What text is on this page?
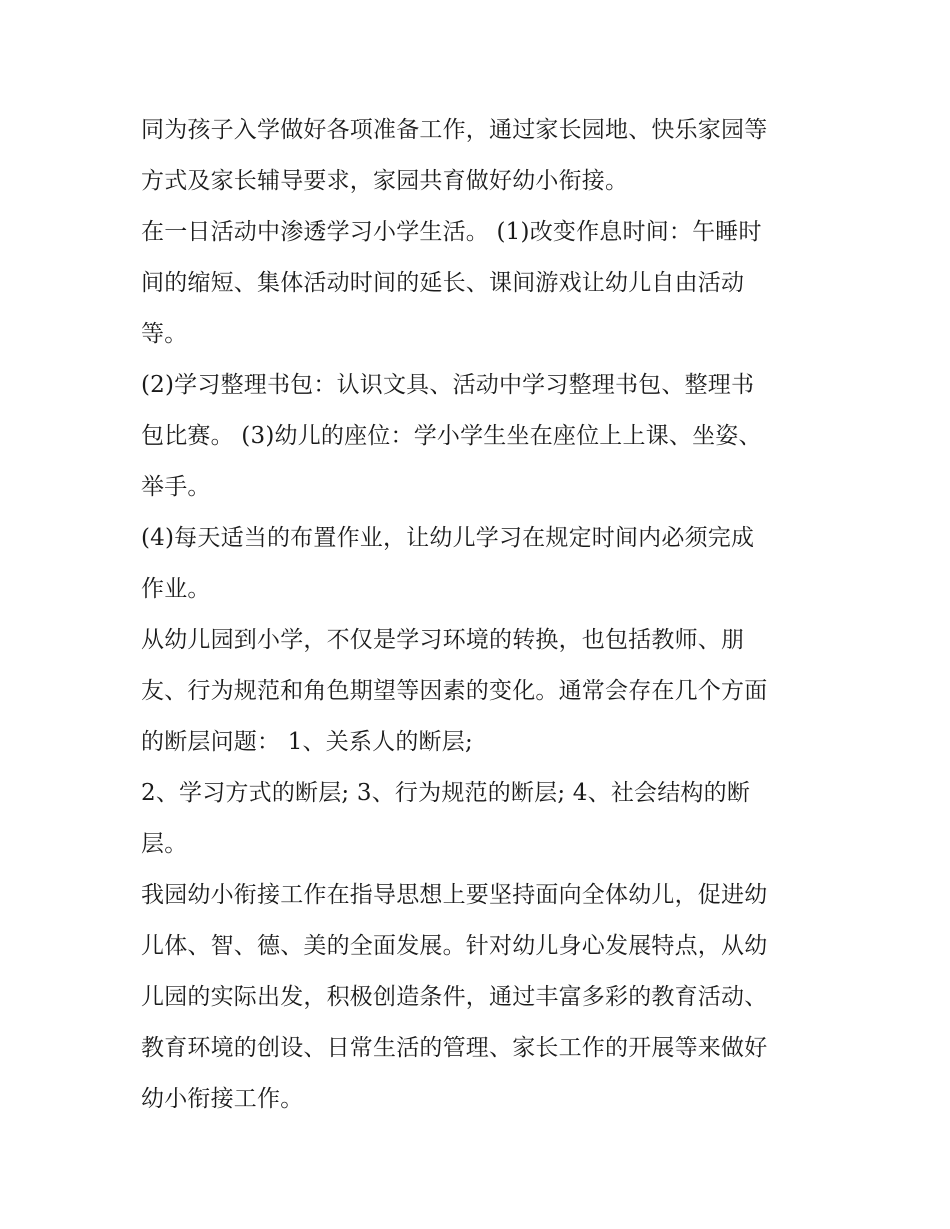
同为孩子入学做好各项准备工作，通过家长园地、快乐家园等
方式及家长辅导要求，家园共育做好幼小衔接。
在一日活动中渗透学习小学生活。 (1)改变作息时间：午睡时
间的缩短、集体活动时间的延长、课间游戏让幼儿自由活动
等。
(2)学习整理书包：认识文具、活动中学习整理书包、整理书
包比赛。 (3)幼儿的座位：学小学生坐在座位上上课、坐姿、
举手。
(4)每天适当的布置作业，让幼儿学习在规定时间内必须完成
作业。
从幼儿园到小学，不仅是学习环境的转换，也包括教师、朋
友、行为规范和角色期望等因素的变化。通常会存在几个方面
的断层问题： 1、关系人的断层;
2、学习方式的断层; 3、行为规范的断层; 4、社会结构的断
层。
我园幼小衔接工作在指导思想上要坚持面向全体幼儿，促进幼
儿体、智、德、美的全面发展。针对幼儿身心发展特点，从幼
儿园的实际出发，积极创造条件，通过丰富多彩的教育活动、
教育环境的创设、日常生活的管理、家长工作的开展等来做好
幼小衔接工作。
